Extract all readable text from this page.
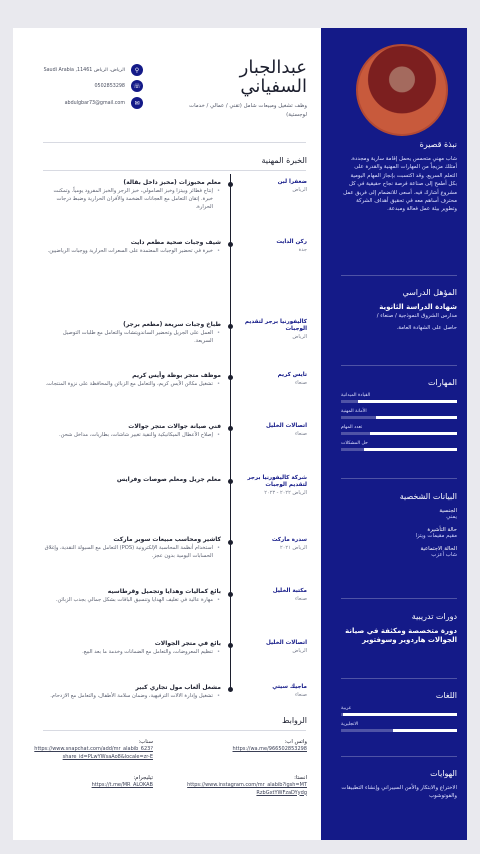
عبدالجبار السفياني
وظف تشغيل ومبيعات شامل (تقني / عمالي / خدمات لوجستية)
Saudi Arabia ,11461 الرياض، الرياض	⚲
0502853298	☏
abdulgbar73@gmail.com	✉
الخبرة المهنية
ضعفرا لبن
الرياض
معلم مخبوزات (مخبز داخل بقالة)
• إنتاج فطائر وبيتزا وخبز الصامولي، خبز الرجر والخبز المفرود يومياً. وتمكنت خبرة. إتقان التعامل مع العجانات الضخمة والأفران الحرارية وضبط درجات الحرارة.
ركن الدايت
جدة
شيف وجبات صحية مطعم دايت
• خبرة في تحضير الوجبات المعتمدة على السعرات الحرارية ووجبات الرياضيين.
كاليفورنيا برجر لتقديم الوجبات
الرياض
طباخ وجبات سريعة (مطعم برجر)
• العمل على الجريل وتحضير الساندويتشات والتعامل مع طلبات التوصيل السريعة.
تايس كريم
صنعاء
موظف متجر بوظة وأيس كريم
• تشغيل مكائن الآيس كريم، والتعامل مع الزبائن والمحافظة على نزوة المنتجات.
اتصالات الخليل
صنعاء
فني صيانة جوالات متجر جوالات
• إصلاح الأعطال الميكانيكية والنفية تغيير شاشات، بطاريات، مداخل شحن.
شركة كاليفورنيا برجر لتقديم الوجبات
الرياض ٢٠٢٢ - ٢٠٢٣
معلم جريل ومعلم صوصات وفرايس
سدرة ماركت
الرياض ٢٠٢١
كاشير ومحاسب مبيعات سوبر ماركت
• استخدام أنظمة المحاسبة الإلكترونية (POS) التعامل مع السيولة النقدية، وإغلاق الحسابات اليومية بدون عجز.
مكتبة الخليل
صنعاء
بائع كماليات وهدايا وتجميل وقرطاسيه
• مهارة عالية في تغليف الهدايا وتنسيق الباقات بشكل جمالي بجذب الزبائن.
اتصالات الخليل
الرياض
بائع في متجر الجوالات
• تنظيم المعروضات، والتعامل مع الضمانات وخدمة ما بعد البيع.
ماجيك سيتي
صنعاء
مشغل ألعاب مول تجاري كبير
• تشغيل وإدارة الالات الترفيهية، وضمان سلامة الأطفال، والتعامل مع الازدحام.
الروابط
واتس اب:
https://wa.me/966502853298
سناب:
https://www.snapchat.com/add/mr_alabib_623?share_id=PLwYWsaAo8&locale=zr-E
انستا:
https://www.instagram.com/mr_alabib?igsh=MTRzbGxtYWFzaDYydg
تيليجرام:
https://t.me/MR_ALOKAB
نبذة قصيرة
شاب مهني متحمس يحمل إقامة سارية ومجددة. أمتلك مزيجاً من المهارات المهنية والقدرة على التعلم السريع. وقد اكتسبت بإنجاز المهام اليومية بكل أطمح إلى صناعة فرصة نجاح حقيقية في كل مشروع أشارك فيه. أسعى للانضمام إلى فريق عمل محترف أساهم معه في تحقيق أهداف الشركة وتطوير بيئة عمل فعالة ومبدعة.
المؤهل الدراسي
شهادة الدراسة الثانوية
مدارس الشروق النموذجية / صنعاء /
حاصل على الشهادة العامة.
المهارات
القيادة الميدانية
الأمانة المهنية
تعدد المهام
حل المشكلات
البيانات الشخصية
الجنسية
يمني
حالة التأشيرة
مقيم مقيمات ويتزا
الحالة الاجتماعية
شاب أعزب
دورات تدريبية
دورة متخصصة ومكثفة في صيانة الجوالات هاردوير وسوفتوير
اللغات
عربية
الانجليزية
الهوايات
الاختراع والابتكار والأمن السيبراني وإنشاء التطبيقات والفوتوشوب
